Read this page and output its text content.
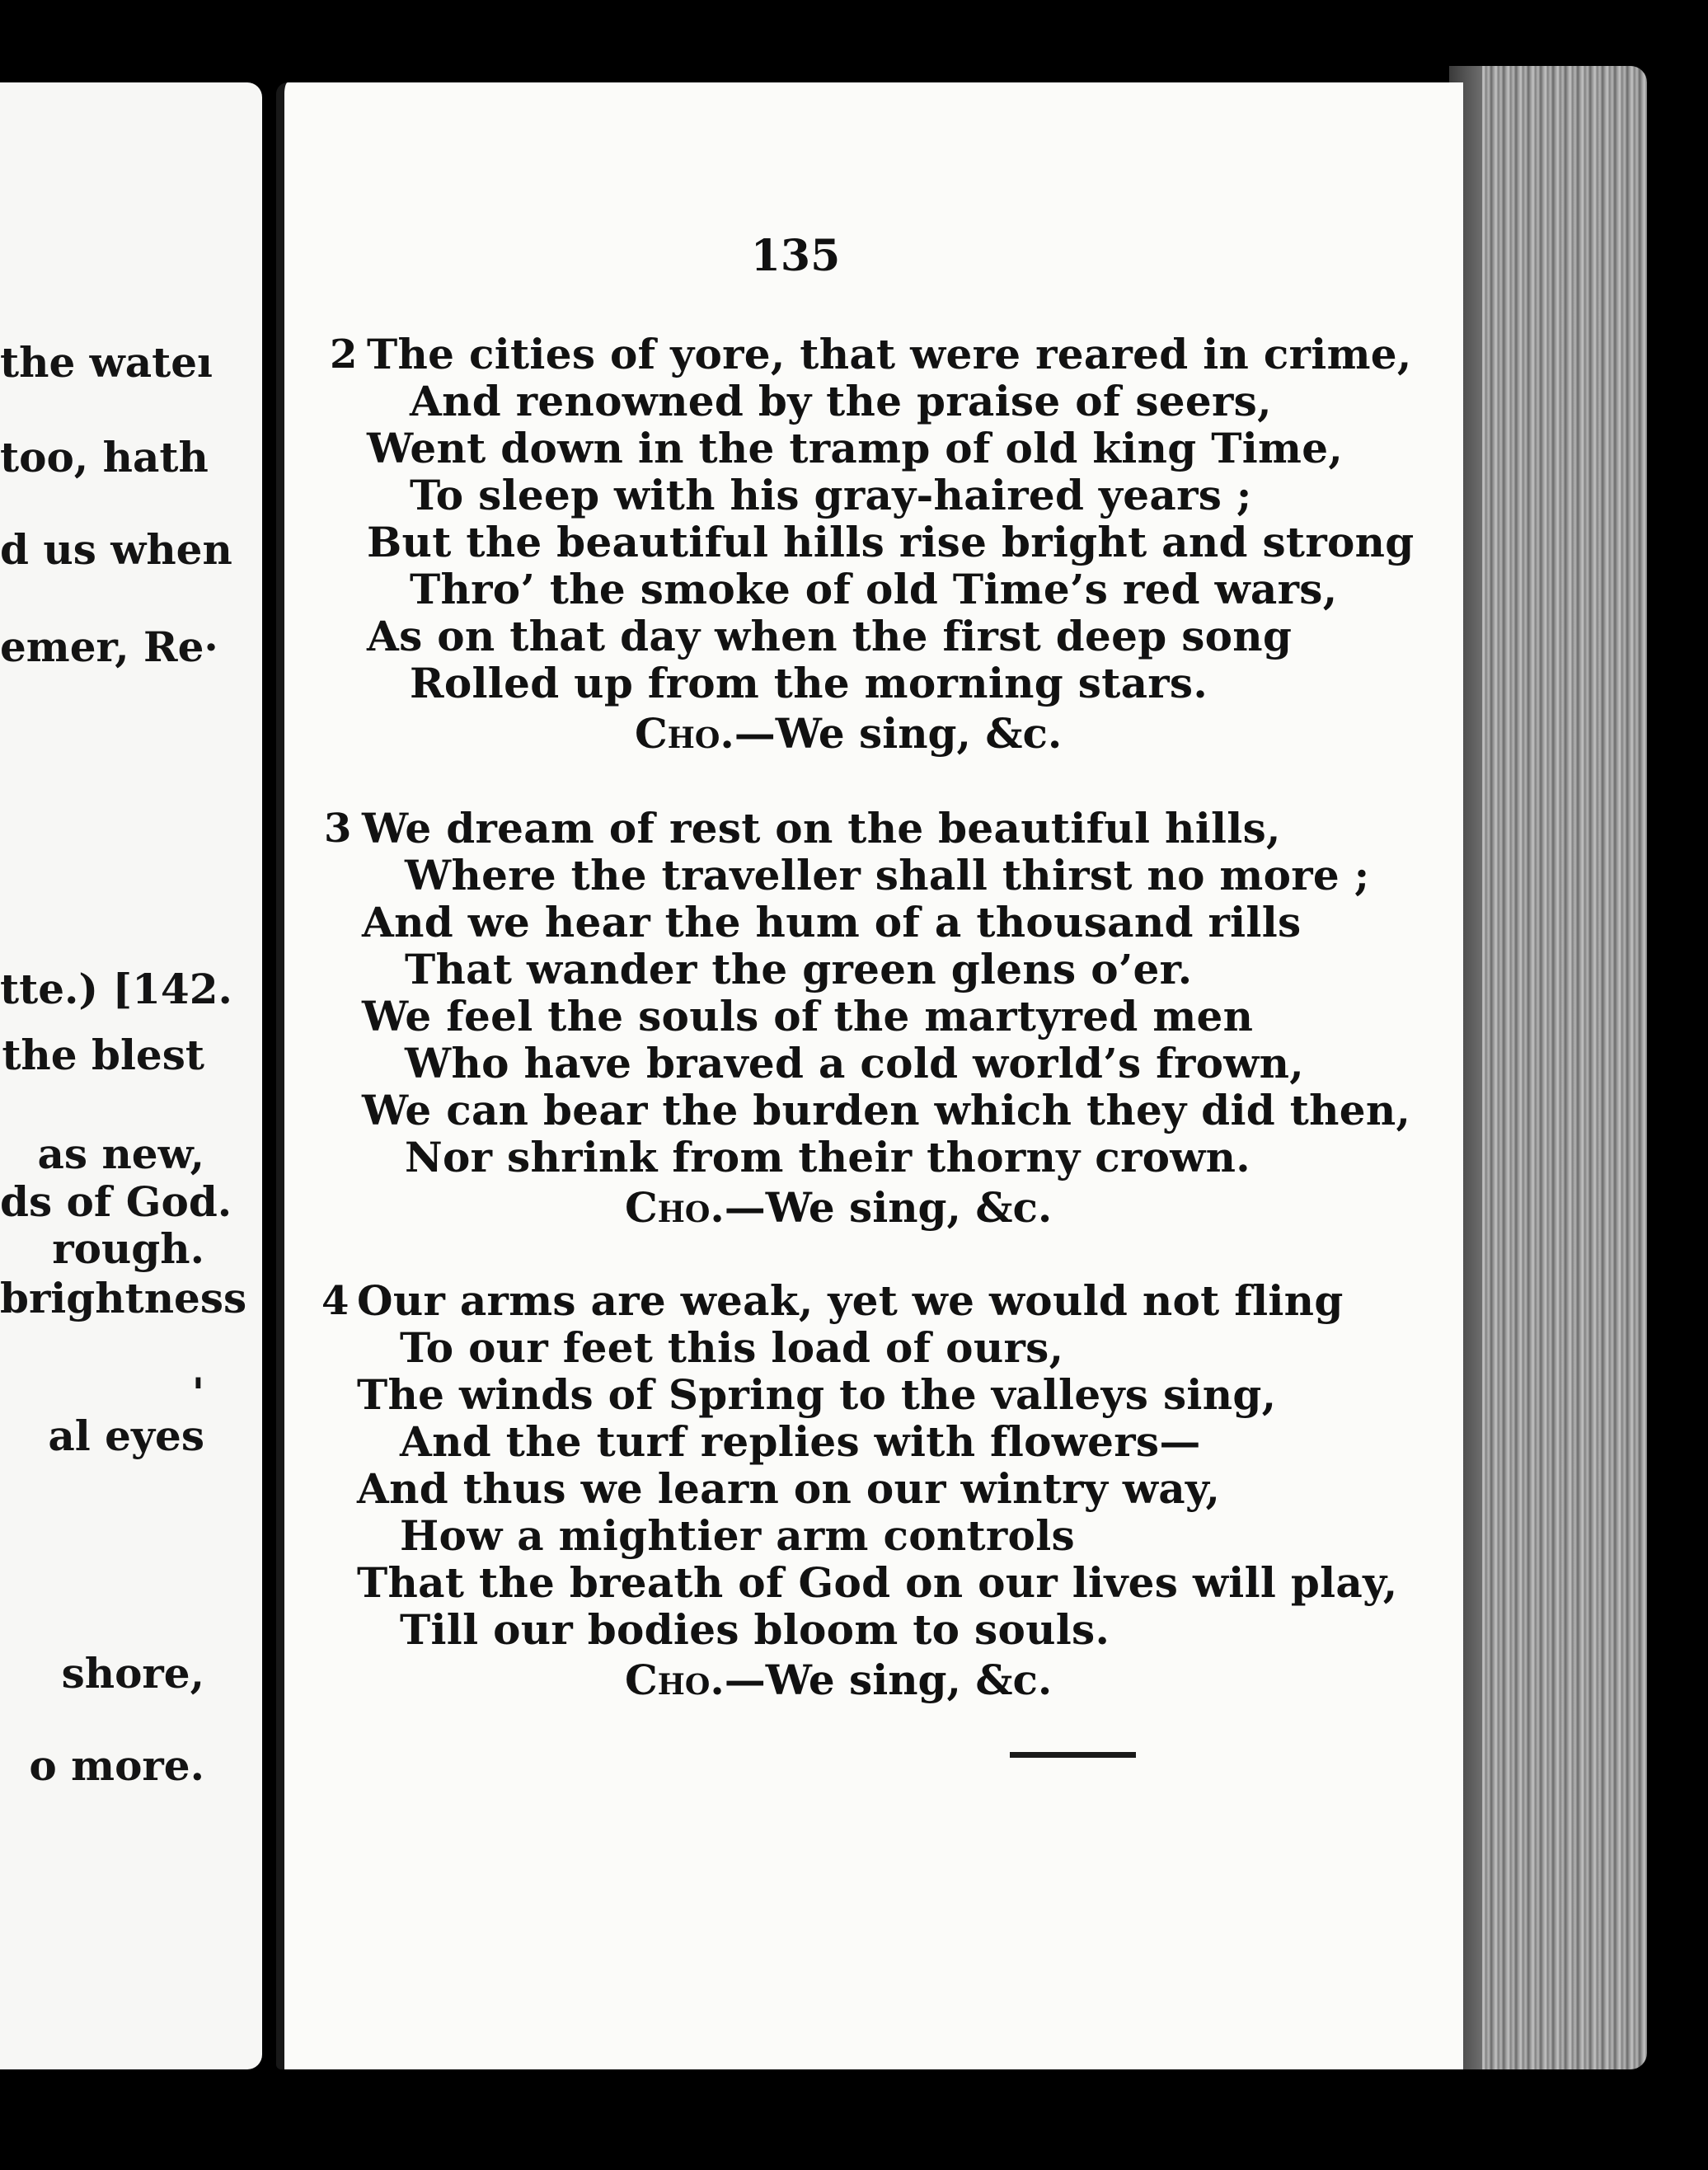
the wateı
too, hath
d us when
emer, Re·
tte.) [142.
the blest
as new,
ds of God.
rough.
brightness
'
al eyes
shore,
o more.
135
2 The cities of yore, that were reared in crime,
And renowned by the praise of seers,
Went down in the tramp of old king Time,
To sleep with his gray-haired years ;
But the beautiful hills rise bright and strong
Thro’ the smoke of old Time’s red wars,
As on that day when the first deep song
Rolled up from the morning stars.
Cho.—We sing, &c.
3 We dream of rest on the beautiful hills,
Where the traveller shall thirst no more ;
And we hear the hum of a thousand rills
That wander the green glens o’er.
We feel the souls of the martyred men
Who have braved a cold world’s frown,
We can bear the burden which they did then,
Nor shrink from their thorny crown.
Cho.—We sing, &c.
4 Our arms are weak, yet we would not fling
To our feet this load of ours,
The winds of Spring to the valleys sing,
And the turf replies with flowers—
And thus we learn on our wintry way,
How a mightier arm controls
That the breath of God on our lives will play,
Till our bodies bloom to souls.
Cho.—We sing, &c.
